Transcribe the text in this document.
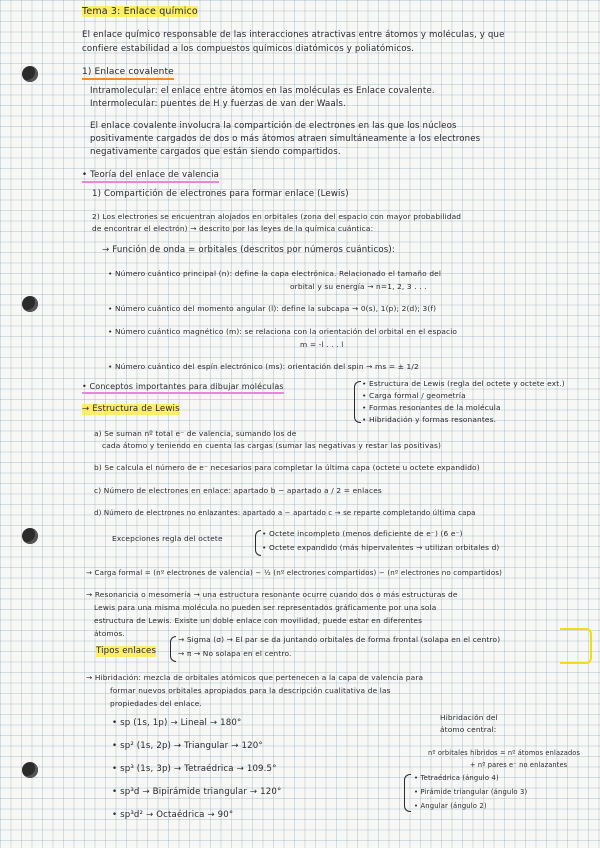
Tema 3: Enlace químico
El enlace químico responsable de las interacciones atractivas entre átomos y moléculas, y que
confiere estabilidad a los compuestos químicos diatómicos y poliatómicos.
1) Enlace covalente
Intramolecular: el enlace entre átomos en las moléculas es Enlace covalente.
Intermolecular: puentes de H y fuerzas de van der Waals.
El enlace covalente involucra la compartición de electrones en las que los núcleos
positivamente cargados de dos o más átomos atraen simultáneamente a los electrones
negativamente cargados que están siendo compartidos.
• Teoría del enlace de valencia
1) Compartición de electrones para formar enlace (Lewis)
2) Los electrones se encuentran alojados en orbitales (zona del espacio con mayor probabilidad
de encontrar el electrón) → descrito por las leyes de la química cuántica:
→ Función de onda = orbitales (descritos por números cuánticos):
• Número cuántico principal (n): define la capa electrónica. Relacionado el tamaño del
orbital y su energía → n=1, 2, 3 . . .
• Número cuántico del momento angular (l): define la subcapa → 0(s), 1(p); 2(d); 3(f)
• Número cuántico magnético (m): se relaciona con la orientación del orbital en el espacio
m = -l . . . l
• Número cuántico del espín electrónico (ms): orientación del spin → ms = ± 1/2
• Conceptos importantes para dibujar moléculas	• Estructura de Lewis (regla del octete y octete ext.)
• Carga formal / geometría
• Formas resonantes de la molécula
• Hibridación y formas resonantes.
→ Estructura de Lewis
a) Se suman nº total e⁻ de valencia, sumando los de
cada átomo y teniendo en cuenta las cargas (sumar las negativas y restar las positivas)
b) Se calcula el número de e⁻ necesarios para completar la última capa (octete u octete expandido)
c) Número de electrones en enlace: apartado b − apartado a / 2 = enlaces
d) Número de electrones no enlazantes: apartado a − apartado c → se reparte completando última capa
Excepciones regla del octete
• Octete incompleto (menos deficiente de e⁻) (6 e⁻)
• Octete expandido (más hipervalentes → utilizan orbitales d)
→ Carga formal = (nº electrones de valencia) − ½ (nº electrones compartidos) − (nº electrones no compartidos)
→ Resonancia o mesomería → una estructura resonante ocurre cuando dos o más estructuras de
Lewis para una misma molécula no pueden ser representados gráficamente por una sola
estructura de Lewis. Existe un doble enlace con movilidad, puede estar en diferentes
átomos.
Tipos enlaces
→ Sigma (σ) → El par se da juntando orbitales de forma frontal (solapa en el centro)
→ π → No solapa en el centro.
→ Hibridación: mezcla de orbitales atómicos que pertenecen a la capa de valencia para
formar nuevos orbitales apropiados para la descripción cualitativa de las
propiedades del enlace.
• sp (1s, 1p) → Lineal → 180°
• sp² (1s, 2p) → Triangular → 120°
• sp³ (1s, 3p) → Tetraédrica → 109.5°
• sp³d → Bipirámide triangular → 120°
• sp³d² → Octaédrica → 90°
Hibridación del
átomo central:
nº orbitales híbridos = nº átomos enlazados
+ nº pares e⁻ no enlazantes
• Tetraédrica (ángulo 4)
• Pirámide triangular (ángulo 3)
• Angular (ángulo 2)
